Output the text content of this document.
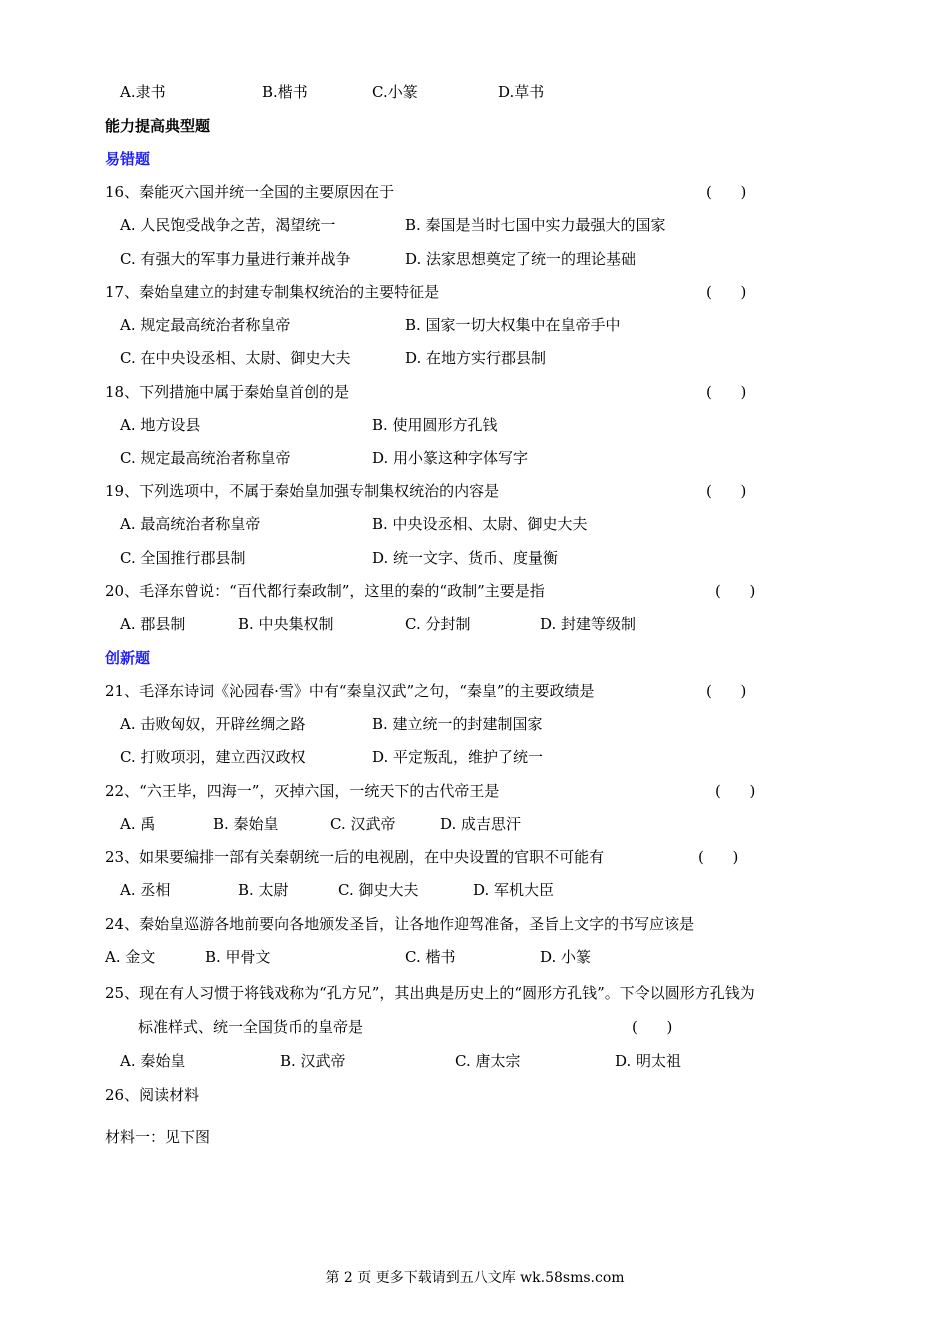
A.隶书	B.楷书	C.小篆	D.草书
能力提高典型题
易错题
16、秦能灭六国并统一全国的主要原因在于	(      )
A. 人民饱受战争之苦，渴望统一	B. 秦国是当时七国中实力最强大的国家
C. 有强大的军事力量进行兼并战争	D. 法家思想奠定了统一的理论基础
17、秦始皇建立的封建专制集权统治的主要特征是	(      )
A. 规定最高统治者称皇帝	B. 国家一切大权集中在皇帝手中
C. 在中央设丞相、太尉、御史大夫	D. 在地方实行郡县制
18、下列措施中属于秦始皇首创的是	(      )
A. 地方设县	B. 使用圆形方孔钱
C. 规定最高统治者称皇帝	D. 用小篆这种字体写字
19、下列选项中，不属于秦始皇加强专制集权统治的内容是	(      )
A. 最高统治者称皇帝	B. 中央设丞相、太尉、御史大夫
C. 全国推行郡县制	D. 统一文字、货币、度量衡
20、毛泽东曾说：“百代都行秦政制”，这里的秦的“政制”主要是指	(      )
A. 郡县制	B. 中央集权制	C. 分封制	D. 封建等级制
创新题
21、毛泽东诗词《沁园春·雪》中有“秦皇汉武”之句，“秦皇”的主要政绩是	(      )
A. 击败匈奴，开辟丝绸之路	B. 建立统一的封建制国家
C. 打败项羽，建立西汉政权	D. 平定叛乱，维护了统一
22、“六王毕，四海一”，灭掉六国，一统天下的古代帝王是	(      )
A. 禹	B. 秦始皇	C. 汉武帝	D. 成吉思汗
23、如果要编排一部有关秦朝统一后的电视剧，在中央设置的官职不可能有	(      )
A. 丞相	B. 太尉	C. 御史大夫	D. 军机大臣
24、秦始皇巡游各地前要向各地颁发圣旨，让各地作迎驾准备，圣旨上文字的书写应该是
A. 金文	B. 甲骨文	C. 楷书	D. 小篆
25、现在有人习惯于将钱戏称为“孔方兄”，其出典是历史上的“圆形方孔钱”。下令以圆形方孔钱为
标准样式、统一全国货币的皇帝是	(      )
A. 秦始皇	B. 汉武帝	C. 唐太宗	D. 明太祖
26、阅读材料
材料一：见下图
第 2 页 更多下载请到五八文库 wk.58sms.com
